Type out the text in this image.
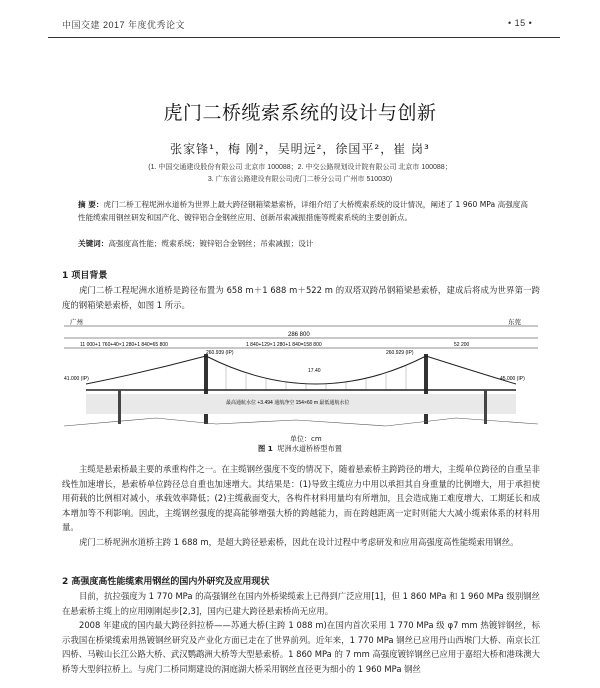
中国交建 2017 年度优秀论文	• 15 •
虎门二桥缆索系统的设计与创新
张家锋¹，梅 刚²，吴明远²，徐国平²，崔 岗³
(1. 中国交通建设股份有限公司 北京市 100088；2. 中交公路规划设计院有限公司 北京市 100088；
3. 广东省公路建设有限公司虎门二桥分公司 广州市 510030)
摘 要：虎门二桥工程坭洲水道桥为世界上最大跨径钢箱梁悬索桥，详细介绍了大桥缆索系统的设计情况，阐述了 1 960 MPa 高强度高性能缆索用钢丝研发和国产化、镀锌铝合金钢丝应用、创新吊索减振措施等缆索系统的主要创新点。
关键词：高强度高性能；缆索系统；镀锌铝合金钢丝；吊索减振；设计
1 项目背景
虎门二桥工程坭洲水道桥是跨径布置为 658 m＋1 688 m＋522 m 的双塔双跨吊钢箱梁悬索桥，建成后将成为世界第一跨度的钢箱梁悬索桥，如图 1 所示。
广州	东莞
286 800
11 000+1 760+40×1 280+1 840=65 800	1 840+129×1 280+1 840=158 800	52 200
260.939 (IP)	260.929 (IP)
17.40
41.000 (IP)	45.000 (IP)
最高通航水位 +3.494 通航净空 154×60 m 最低通航水位
单位：cm
图 1 坭洲水道桥桥型布置
主缆是悬索桥最主要的承重构件之一。在主缆钢丝强度不变的情况下，随着悬索桥主跨跨径的增大，主缆单位跨径的自重呈非线性加速增长，悬索桥单位跨径总自重也加速增大。其结果是：(1)导致主缆应力中用以承担其自身重量的比例增大，用于承担使用荷载的比例相对减小，承载效率降低；(2)主缆截面变大，各构件材料用量均有所增加，且会造成施工难度增大、工期延长和成本增加等不利影响。因此，主缆钢丝强度的提高能够增强大桥的跨越能力，而在跨越距离一定时则能大大减小缆索体系的材料用量。
虎门二桥坭洲水道桥主跨 1 688 m，是超大跨径悬索桥，因此在设计过程中考虑研发和应用高强度高性能缆索用钢丝。
2 高强度高性能缆索用钢丝的国内外研究及应用现状
目前，抗拉强度为 1 770 MPa 的高强钢丝在国内外桥梁缆索上已得到广泛应用[1]，但 1 860 MPa 和 1 960 MPa 级别钢丝在悬索桥主缆上的应用刚刚起步[2,3]，国内已建大跨径悬索桥尚无应用。
2008 年建成的国内最大跨径斜拉桥——苏通大桥(主跨 1 088 m)在国内首次采用 1 770 MPa 级 φ7 mm 热镀锌钢丝，标示我国在桥梁缆索用热镀钢丝研究及产业化方面已走在了世界前列。近年来，1 770 MPa 钢丝已应用丹山西堠门大桥、南京长江四桥、马鞍山长江公路大桥、武汉鹦鹉洲大桥等大型悬索桥。1 860 MPa 的 7 mm 高强度镀锌钢丝已应用于嘉绍大桥和港珠澳大桥等大型斜拉桥上。与虎门二桥同期建设的洞庭湖大桥采用钢丝直径更为细小的 1 960 MPa 钢丝
